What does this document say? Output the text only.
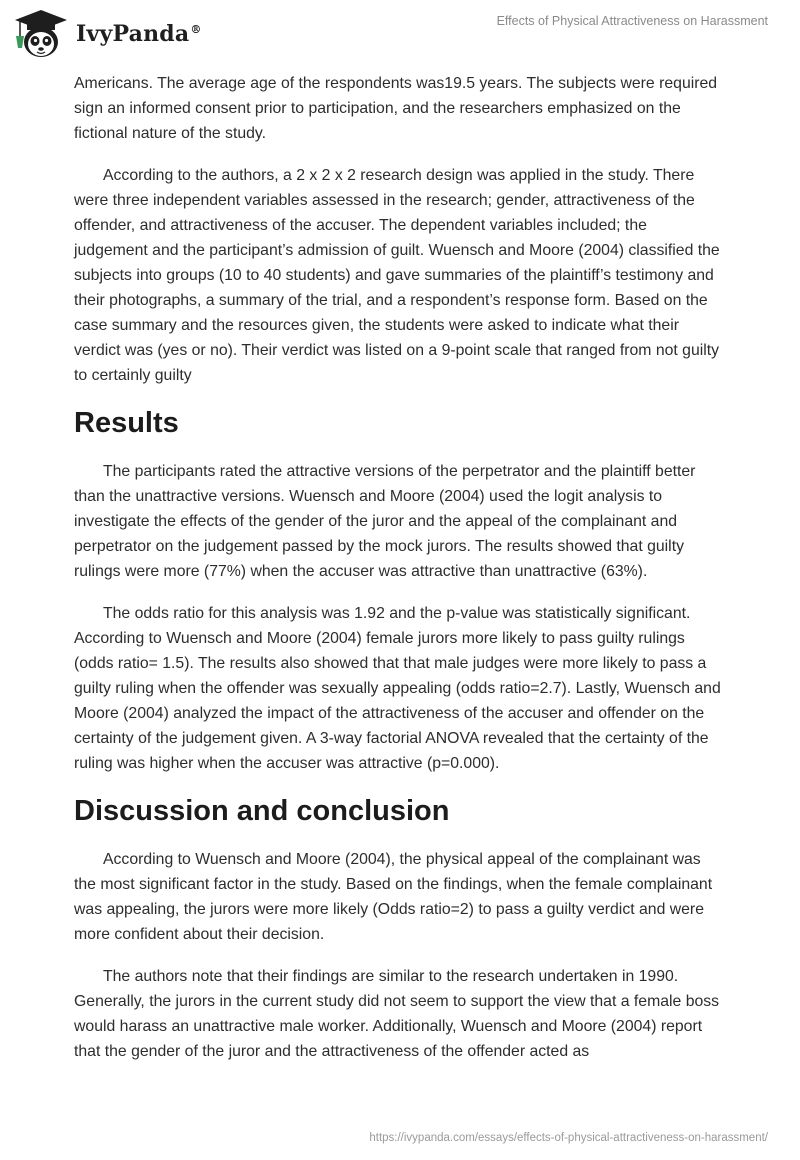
IvyPanda®
Effects of Physical Attractiveness on Harassment

Americans. The average age of the respondents was19.5 years. The subjects were required sign an informed consent prior to participation, and the researchers emphasized on the fictional nature of the study.

According to the authors, a 2 x 2 x 2 research design was applied in the study. There were three independent variables assessed in the research; gender, attractiveness of the offender, and attractiveness of the accuser. The dependent variables included; the judgement and the participant’s admission of guilt. Wuensch and Moore (2004) classified the subjects into groups (10 to 40 students) and gave summaries of the plaintiff’s testimony and their photographs, a summary of the trial, and a respondent’s response form. Based on the case summary and the resources given, the students were asked to indicate what their verdict was (yes or no). Their verdict was listed on a 9-point scale that ranged from not guilty to certainly guilty

Results

The participants rated the attractive versions of the perpetrator and the plaintiff better than the unattractive versions. Wuensch and Moore (2004) used the logit analysis to investigate the effects of the gender of the juror and the appeal of the complainant and perpetrator on the judgement passed by the mock jurors. The results showed that guilty rulings were more (77%) when the accuser was attractive than unattractive (63%).

The odds ratio for this analysis was 1.92 and the p-value was statistically significant. According to Wuensch and Moore (2004) female jurors more likely to pass guilty rulings (odds ratio= 1.5). The results also showed that that male judges were more likely to pass a guilty ruling when the offender was sexually appealing (odds ratio=2.7). Lastly, Wuensch and Moore (2004) analyzed the impact of the attractiveness of the accuser and offender on the certainty of the judgement given. A 3-way factorial ANOVA revealed that the certainty of the ruling was higher when the accuser was attractive (p=0.000).

Discussion and conclusion

According to Wuensch and Moore (2004), the physical appeal of the complainant was the most significant factor in the study. Based on the findings, when the female complainant was appealing, the jurors were more likely (Odds ratio=2) to pass a guilty verdict and were more confident about their decision.

The authors note that their findings are similar to the research undertaken in 1990. Generally, the jurors in the current study did not seem to support the view that a female boss would harass an unattractive male worker. Additionally, Wuensch and Moore (2004) report that the gender of the juror and the attractiveness of the offender acted as

https://ivypanda.com/essays/effects-of-physical-attractiveness-on-harassment/
